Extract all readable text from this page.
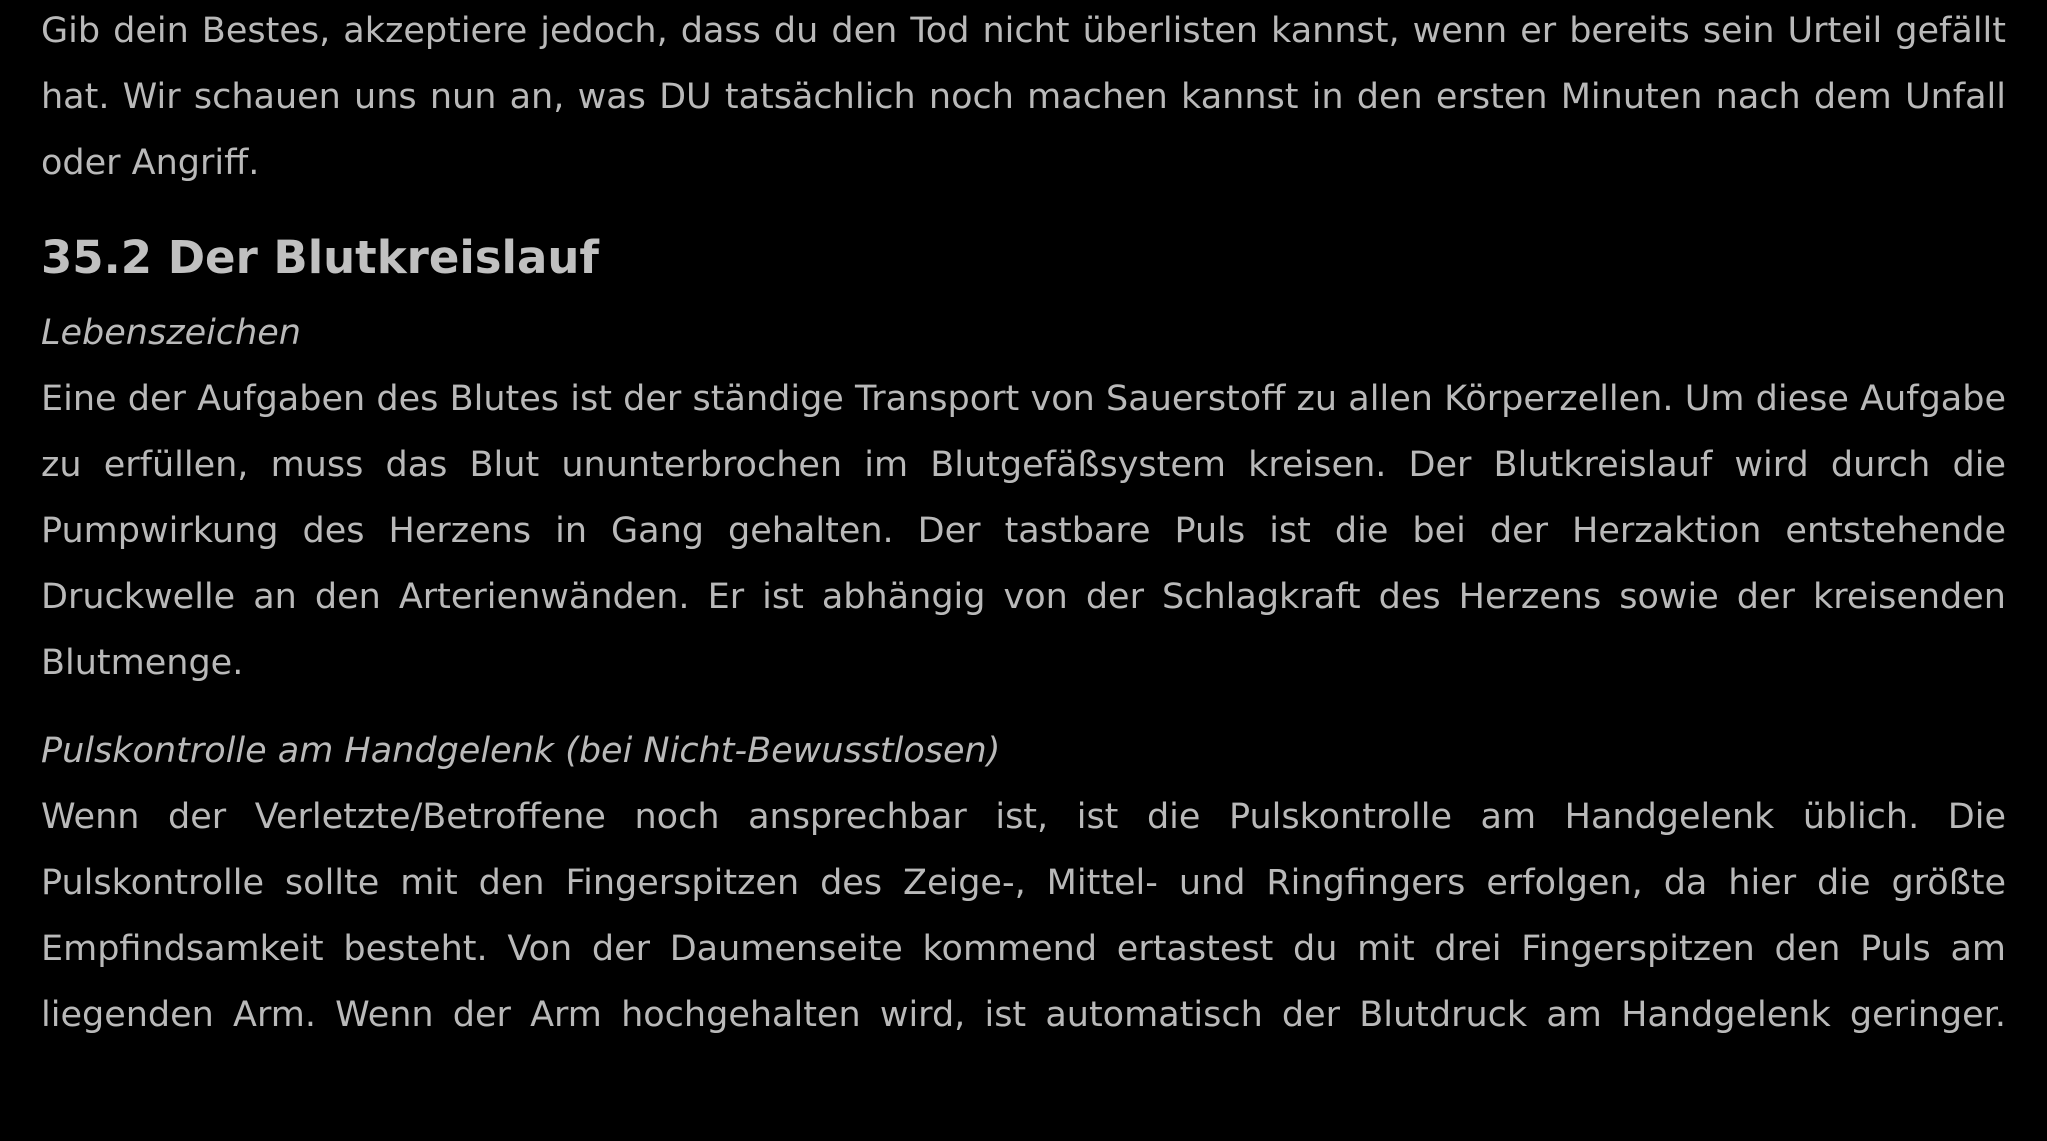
Gib dein Bestes, akzeptiere jedoch, dass du den Tod nicht überlisten kannst, wenn er bereits sein Urteil gefällt hat. Wir schauen uns nun an, was DU tatsächlich noch machen kannst in den ersten Minuten nach dem Unfall oder Angriff.

35.2 Der Blutkreislauf

Lebenszeichen

Eine der Aufgaben des Blutes ist der ständige Transport von Sauerstoff zu allen Körperzellen. Um diese Aufgabe zu erfüllen, muss das Blut ununterbrochen im Blutgefäßsystem kreisen. Der Blutkreislauf wird durch die Pumpwirkung des Herzens in Gang gehalten. Der tastbare Puls ist die bei der Herzaktion entstehende Druckwelle an den Arterienwänden. Er ist abhängig von der Schlagkraft des Herzens sowie der kreisenden Blutmenge.

Pulskontrolle am Handgelenk (bei Nicht-Bewusstlosen)

Wenn der Verletzte/Betroffene noch ansprechbar ist, ist die Pulskontrolle am Handgelenk üblich. Die Pulskontrolle sollte mit den Fingerspitzen des Zeige-, Mittel- und Ringfingers erfolgen, da hier die größte Empfindsamkeit besteht. Von der Daumenseite kommend ertastest du mit drei Fingerspitzen den Puls am liegenden Arm. Wenn der Arm hochgehalten wird, ist automatisch der Blutdruck am Handgelenk geringer.
